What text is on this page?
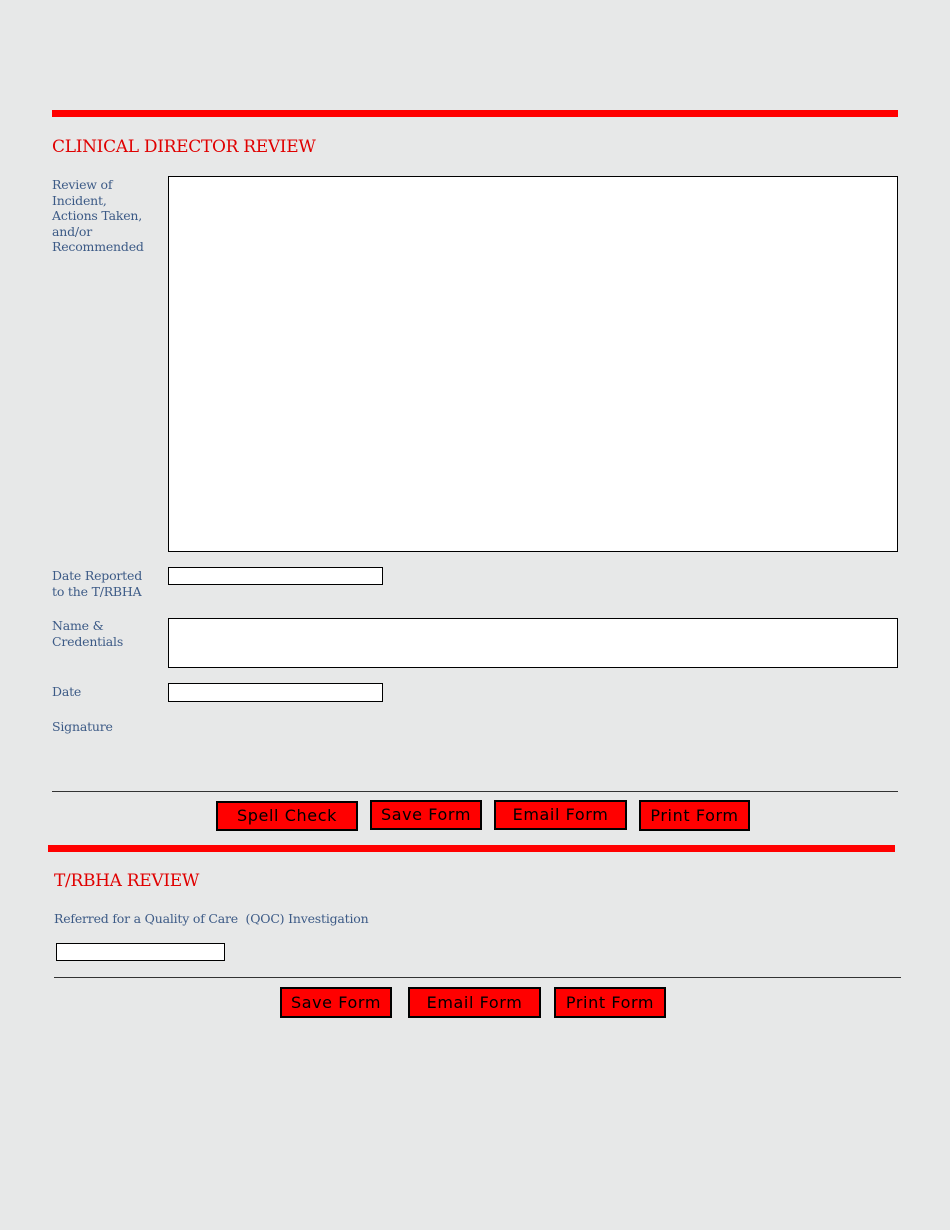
CLINICAL DIRECTOR REVIEW
Review of
Incident,
Actions Taken,
and/or
Recommended
Date Reported
to the T/RBHA
Name &
Credentials
Date
Signature
Spell Check	Save Form	Email Form	Print Form
T/RBHA REVIEW
Referred for a Quality of Care  (QOC) Investigation
Save Form	Email Form	Print Form
